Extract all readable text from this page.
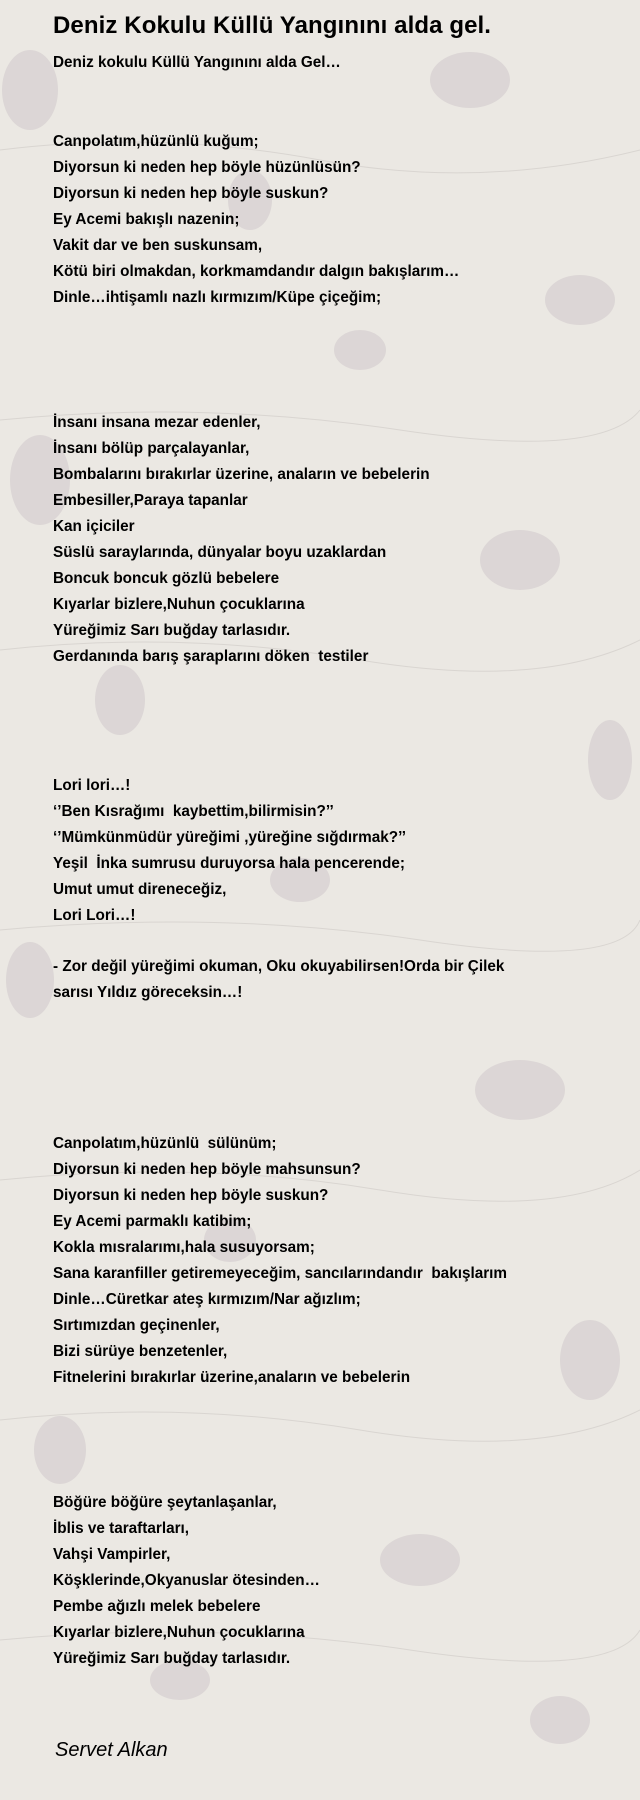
Deniz Kokulu Küllü Yangınını alda gel.
Deniz kokulu Küllü Yangınını alda Gel…
Canpolatım,hüzünlü kuğum;
Diyorsun ki neden hep böyle hüzünlüsün?
Diyorsun ki neden hep böyle suskun?
Ey Acemi bakışlı nazenin;
Vakit dar ve ben suskunsam,
Kötü biri olmakdan, korkmamdandır dalgın bakışlarım…
Dinle…ihtişamlı nazlı kırmızım/Küpe çiçeğim;
İnsanı insana mezar edenler,
İnsanı bölüp parçalayanlar,
Bombalarını bırakırlar üzerine, anaların ve bebelerin
Embesiller,Paraya tapanlar
Kan içiciler
Süslü saraylarında, dünyalar boyu uzaklardan
Boncuk boncuk gözlü bebelere
Kıyarlar bizlere,Nuhun çocuklarına
Yüreğimiz Sarı buğday tarlasıdır.
Gerdanında barış şaraplarını döken  testiler
Lori lori…!
‘’Ben Kısrağımı  kaybettim,bilirmisin?’’
‘’Mümkünmüdür yüreğimi ,yüreğine sığdırmak?’’
Yeşil  İnka sumrusu duruyorsa hala pencerende;
Umut umut direneceğiz,
Lori Lori…!
- Zor değil yüreğimi okuman, Oku okuyabilirsen!Orda bir Çilek sarısı Yıldız göreceksin…!
Canpolatım,hüzünlü  sülünüm;
Diyorsun ki neden hep böyle mahsunsun?
Diyorsun ki neden hep böyle suskun?
Ey Acemi parmaklı katibim;
Kokla mısralarımı,hala susuyorsam;
Sana karanfiller getiremeyeceğim, sancılarındandır  bakışlarım
Dinle…Cüretkar ateş kırmızım/Nar ağızlım;
Sırtımızdan geçinenler,
Bizi sürüye benzetenler,
Fitnelerini bırakırlar üzerine,anaların ve bebelerin
Böğüre böğüre şeytanlaşanlar,
İblis ve taraftarları,
Vahşi Vampirler,
Köşklerinde,Okyanuslar ötesinden…
Pembe ağızlı melek bebelere
Kıyarlar bizlere,Nuhun çocuklarına
Yüreğimiz Sarı buğday tarlasıdır.

Servet Alkan
